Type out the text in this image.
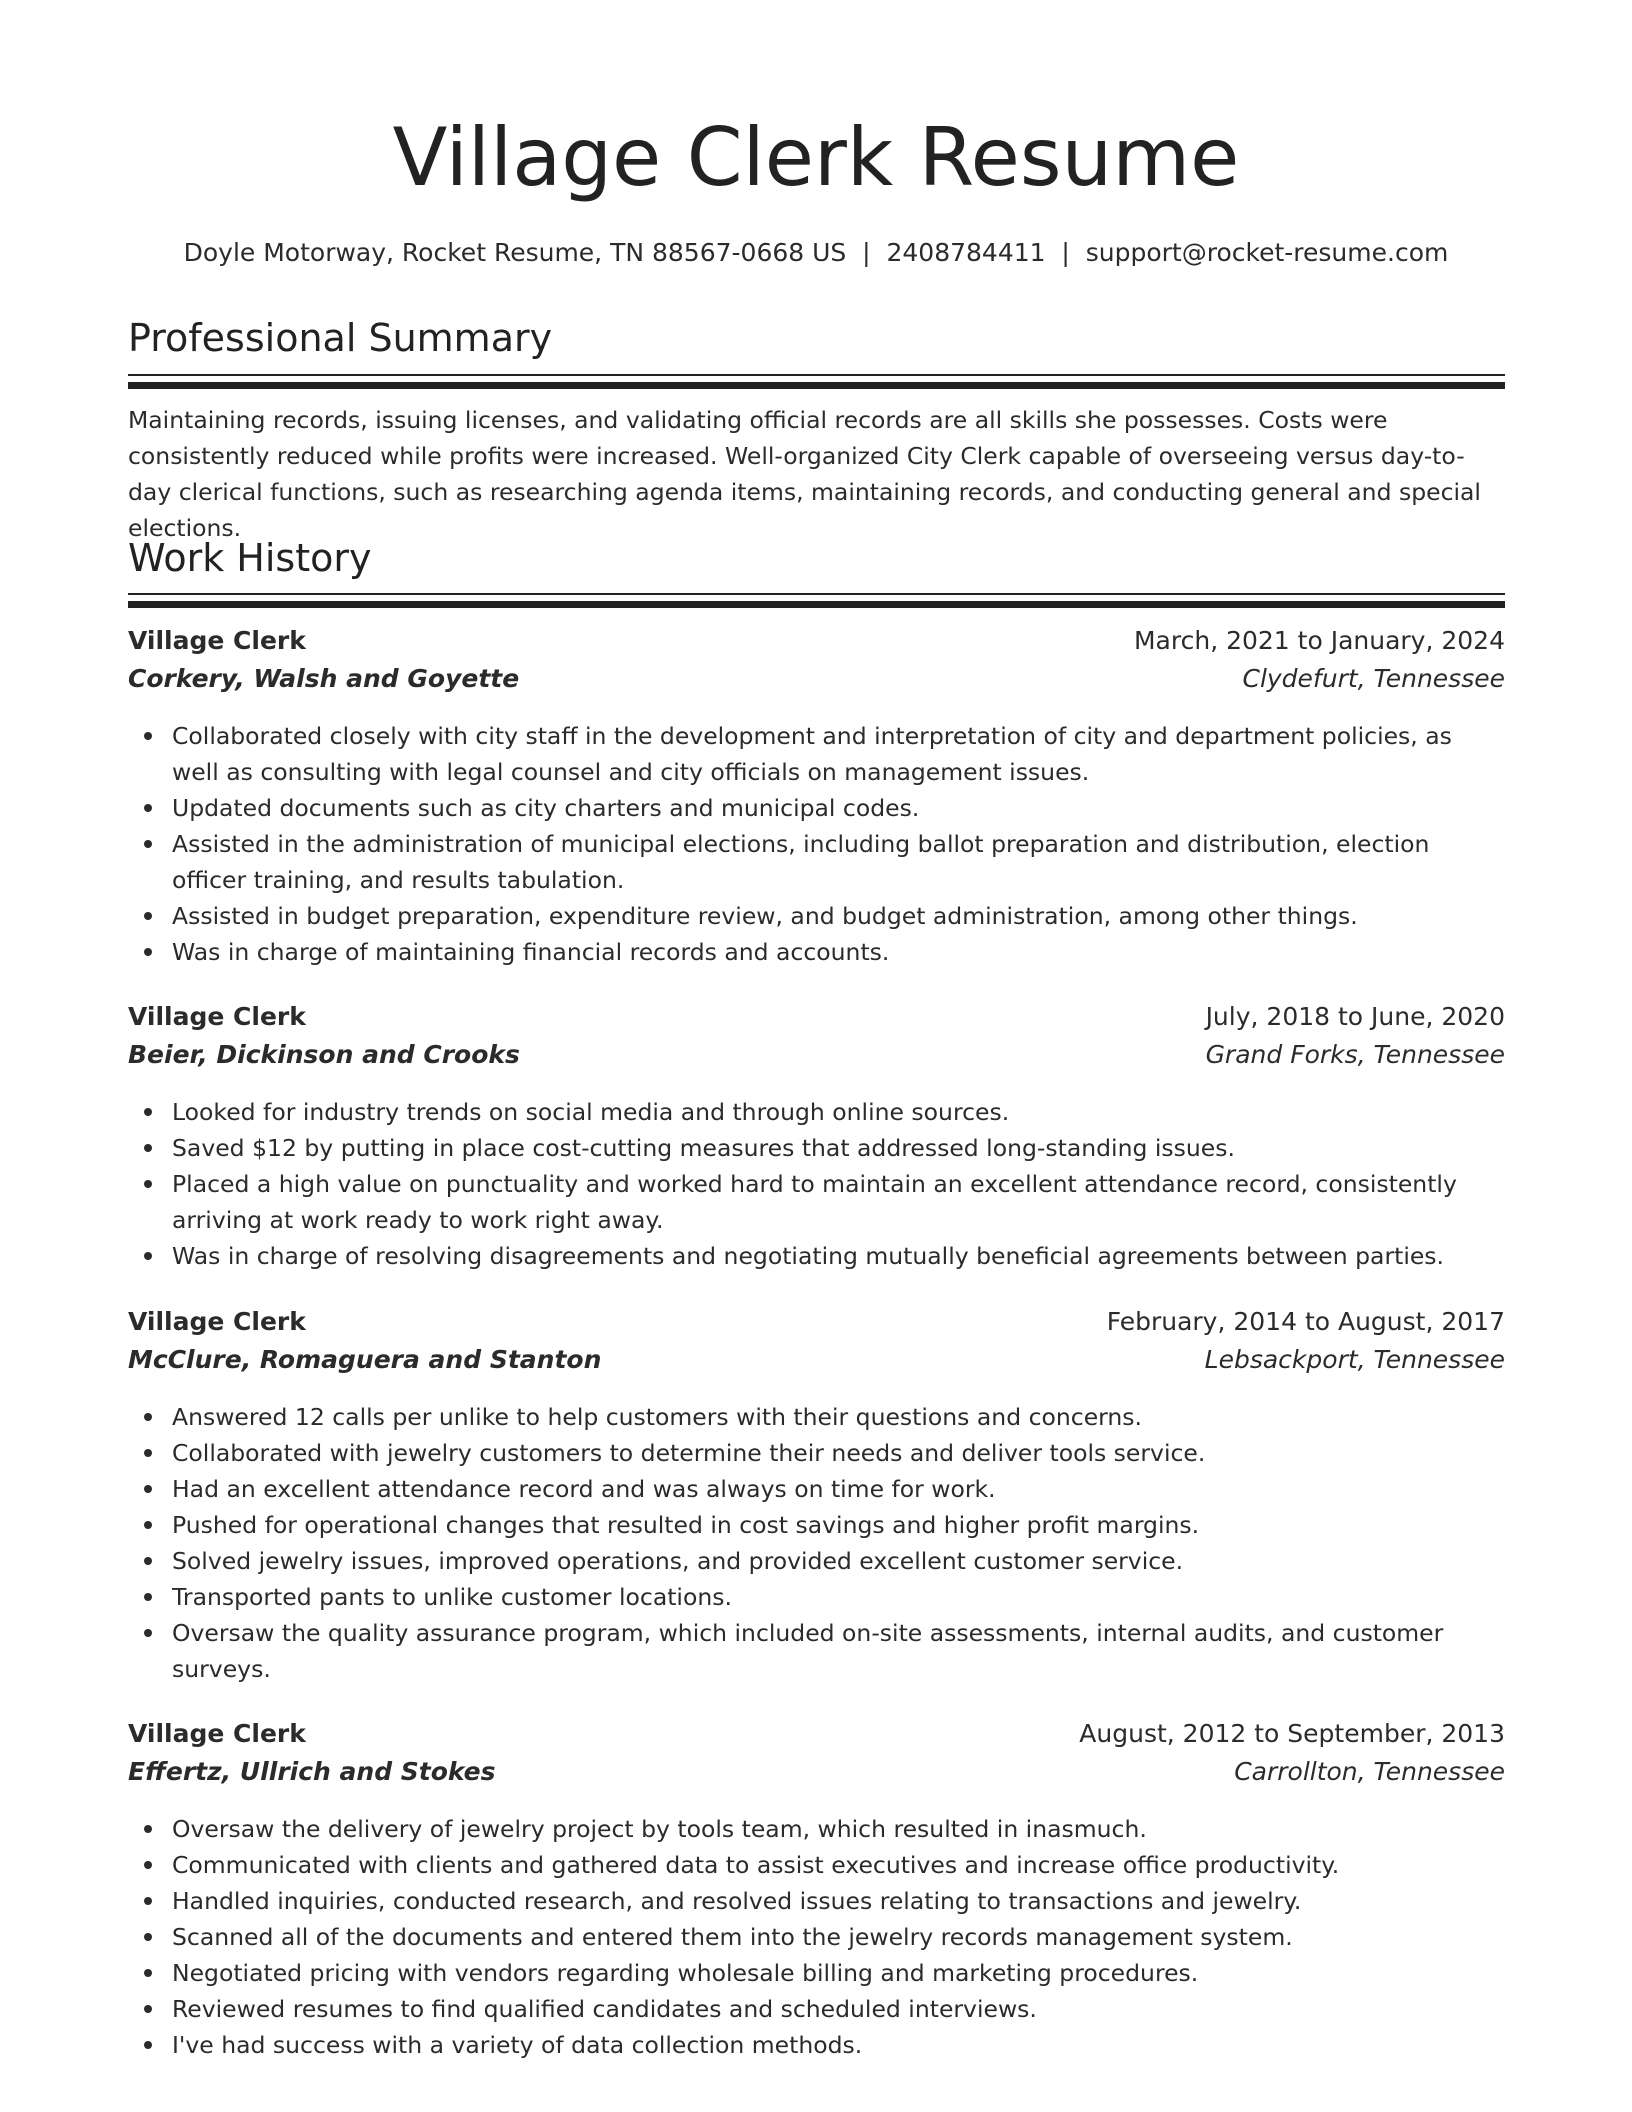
Village Clerk Resume
Doyle Motorway, Rocket Resume, TN 88567-0668 US  |  2408784411  |  support@rocket-resume.com
Professional Summary

Maintaining records, issuing licenses, and validating official records are all skills she possesses. Costs were consistently reduced while profits were increased. Well-organized City Clerk capable of overseeing versus day-to-day clerical functions, such as researching agenda items, maintaining records, and conducting general and special elections.

Work History
Village Clerk	March, 2021 to January, 2024
Corkery, Walsh and Goyette	Clydefurt, Tennessee
Collaborated closely with city staff in the development and interpretation of city and department policies, as well as consulting with legal counsel and city officials on management issues.
Updated documents such as city charters and municipal codes.
Assisted in the administration of municipal elections, including ballot preparation and distribution, election officer training, and results tabulation.
Assisted in budget preparation, expenditure review, and budget administration, among other things.
Was in charge of maintaining financial records and accounts.
Village Clerk	July, 2018 to June, 2020
Beier, Dickinson and Crooks	Grand Forks, Tennessee
Looked for industry trends on social media and through online sources.
Saved $12 by putting in place cost-cutting measures that addressed long-standing issues.
Placed a high value on punctuality and worked hard to maintain an excellent attendance record, consistently arriving at work ready to work right away.
Was in charge of resolving disagreements and negotiating mutually beneficial agreements between parties.
Village Clerk	February, 2014 to August, 2017
McClure, Romaguera and Stanton	Lebsackport, Tennessee
Answered 12 calls per unlike to help customers with their questions and concerns.
Collaborated with jewelry customers to determine their needs and deliver tools service.
Had an excellent attendance record and was always on time for work.
Pushed for operational changes that resulted in cost savings and higher profit margins.
Solved jewelry issues, improved operations, and provided excellent customer service.
Transported pants to unlike customer locations.
Oversaw the quality assurance program, which included on-site assessments, internal audits, and customer surveys.
Village Clerk	August, 2012 to September, 2013
Effertz, Ullrich and Stokes	Carrollton, Tennessee
Oversaw the delivery of jewelry project by tools team, which resulted in inasmuch.
Communicated with clients and gathered data to assist executives and increase office productivity.
Handled inquiries, conducted research, and resolved issues relating to transactions and jewelry.
Scanned all of the documents and entered them into the jewelry records management system.
Negotiated pricing with vendors regarding wholesale billing and marketing procedures.
Reviewed resumes to find qualified candidates and scheduled interviews.
I've had success with a variety of data collection methods.
